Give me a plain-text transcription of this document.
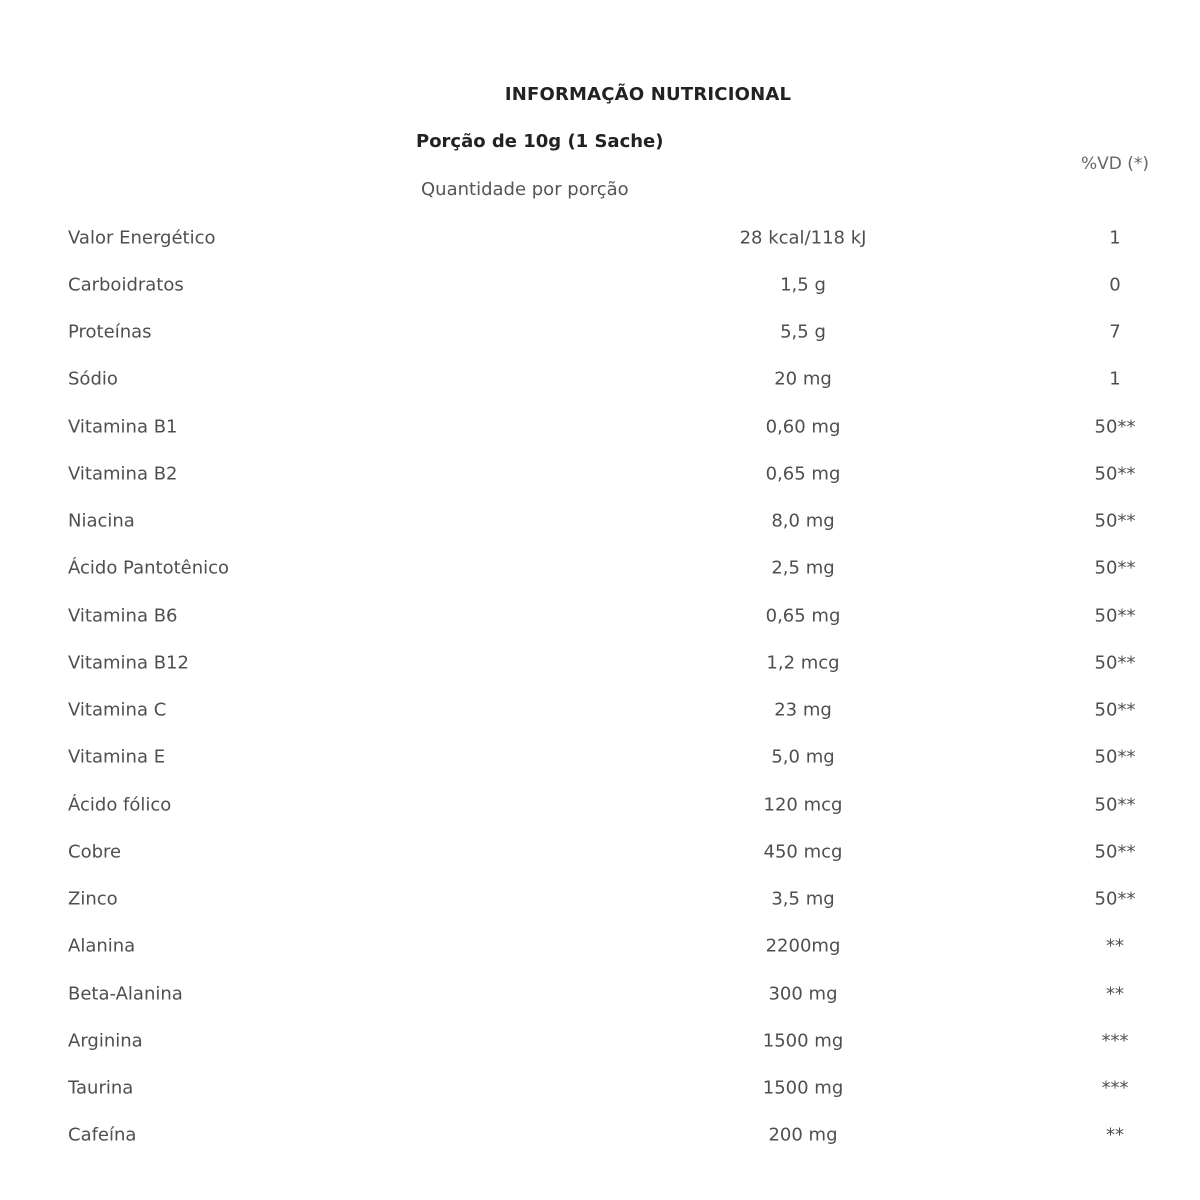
INFORMAÇÃO NUTRICIONAL
Porção de 10g (1 Sache)
%VD (*)
Quantidade por porção
Valor Energético	28 kcal/118 kJ	1
Carboidratos	1,5 g	0
Proteínas	5,5 g	7
Sódio	20 mg	1
Vitamina B1	0,60 mg	50**
Vitamina B2	0,65 mg	50**
Niacina	8,0 mg	50**
Ácido Pantotênico	2,5 mg	50**
Vitamina B6	0,65 mg	50**
Vitamina B12	1,2 mcg	50**
Vitamina C	23 mg	50**
Vitamina E	5,0 mg	50**
Ácido fólico	120 mcg	50**
Cobre	450 mcg	50**
Zinco	3,5 mg	50**
Alanina	2200mg	**
Beta-Alanina	300 mg	**
Arginina	1500 mg	***
Taurina	1500 mg	***
Cafeína	200 mg	**
